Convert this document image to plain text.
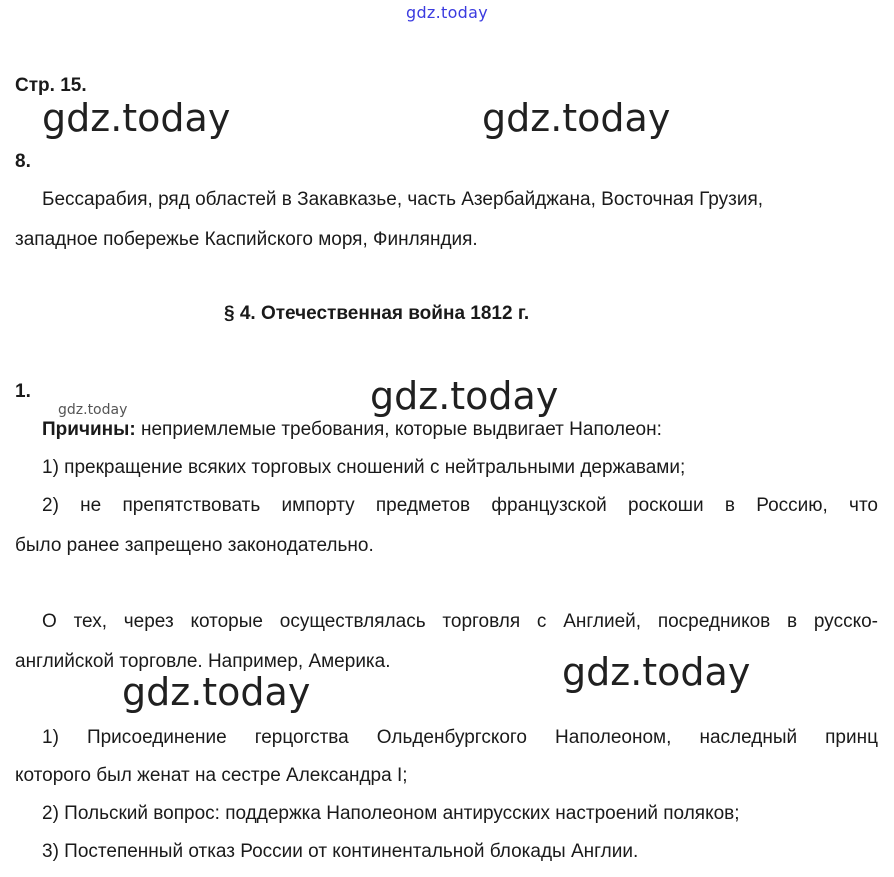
gdz.today
Стр. 15.
gdz.today	gdz.today
8.
Бессарабия, ряд областей в Закавказье, часть Азербайджана, Восточная Грузия,
западное побережье Каспийского моря, Финляндия.
§ 4. Отечественная война 1812 г.
1.	gdz.today
gdz.today
Причины: неприемлемые требования, которые выдвигает Наполеон:
1) прекращение всяких торговых сношений с нейтральными державами;
2) не препятствовать импорту предметов французской роскоши в Россию, что
было ранее запрещено законодательно.
О тех, через которые осуществлялась торговля с Англией, посредников в русско-
английской торговле. Например, Америка.	gdz.today
gdz.today
1) Присоединение герцогства Ольденбургского Наполеоном, наследный принц
которого был женат на сестре Александра I;
2) Польский вопрос: поддержка Наполеоном антирусских настроений поляков;
3) Постепенный отказ России от континентальной блокады Англии.
